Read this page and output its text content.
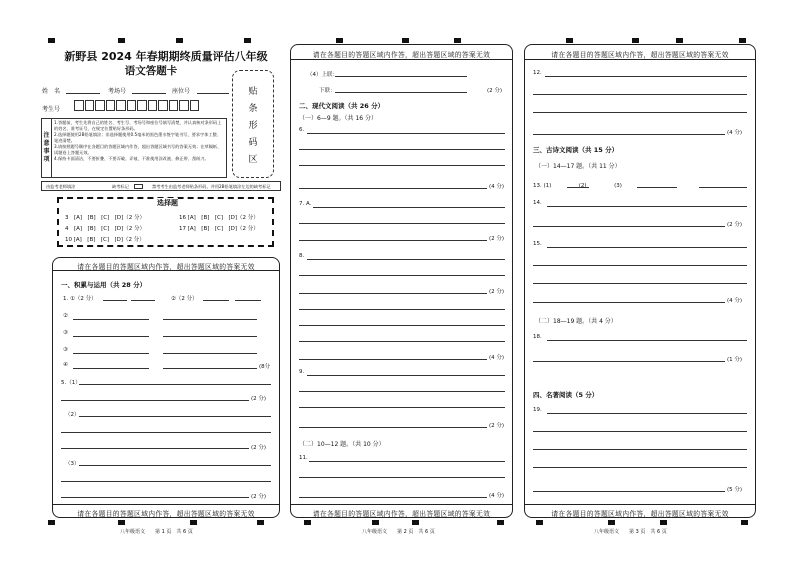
新野县 2024 年春期期终质量评估八年级
语文答题卡
姓　名	考场号	座位号
考生号
贴
条
形
码
区
注
意
事
项
1.答题前，考生先将自己的姓名、考生号、考场号和座位号填写清楚，并认真核对条形码上的姓名、准考证号，在规定位置贴好条形码。
2.选择题使用2B铅笔填涂；非选择题使用0.5毫米的黑色墨水签字笔书写，要求字体工整、笔迹清楚。
3.请按照题号顺序在各题目的答题区域内作答，超出答题区域书写的答案无效；在草稿纸、试题卷上答题无效。
4.保持卡面清洁，不要折叠、不要弄破、弄皱，不准使用涂改液、修正带、刮纸刀。
由监考老师填涂	缺考标记	禁考考生由监考老师贴条形码，并用2B铅笔填涂左边的缺考标记
选择题
3　[A]　[B]　[C]　[D]（2 分）
4　[A]　[B]　[C]　[D]（2 分）
10 [A]　[B]　[C]　[D]（2 分）
16 [A]　[B]　[C]　[D]（2 分）
17 [A]　[B]　[C]　[D]（2 分）
请在各题目的答题区域内作答，超出答题区域的答案无效
一、积累与运用（共 28 分）
1. ①（2 分）	②（2 分）
②
③
③
④	(8分
5.（1）
(2 分)
（2）
(2 分)
（3）
(2 分)
请在各题目的答题区域内作答，超出答题区域的答案无效
八年级语文　　第 1 页　共 6 页
请在各题目的答题区域内作答，超出答题区域的答案无效
（4）上联：
下联：	(2 分)
二、现代文阅读（共 26 分）
（一）6—9 题。（共 16 分）
6.
(4 分)
7. A.
(2 分)
8.
(2 分)
(4 分)
9.
(2 分)
（二）10—12 题。（共 10 分）
11.
(4 分)
请在各题目的答题区域内作答，超出答题区域的答案无效
八年级语文　　第 2 页　共 6 页
请在各题目的答题区域内作答，超出答题区域的答案无效
12.
(4 分)
三、古诗文阅读（共 15 分）
（一）14—17 题。（共 11 分）
13. (1)　　　　　(2)　　　　　(3)
14.
(2 分)
15.
(4 分)
（二）18—19 题。（共 4 分）
18.
(1 分)
四、名著阅读（5 分）
19.
(5 分)
请在各题目的答题区域内作答，超出答题区域的答案无效
八年级语文　　第 3 页　共 6 页
